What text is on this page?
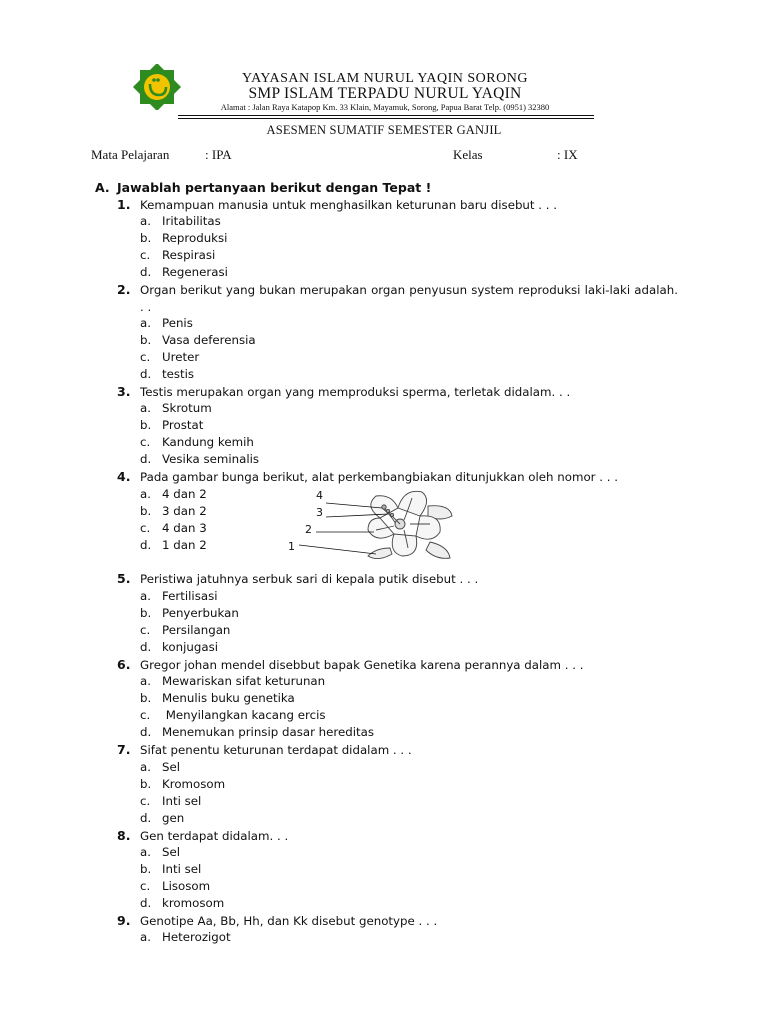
YAYASAN ISLAM NURUL YAQIN SORONG
SMP ISLAM TERPADU NURUL YAQIN
Alamat : Jalan Raya Katapop Km. 33 Klain, Mayamuk, Sorong, Papua Barat Telp. (0951) 32380
ASESMEN SUMATIF SEMESTER GANJIL
Mata Pelajaran	: IPA	Kelas	: IX
A. Jawablah pertanyaan berikut dengan Tepat !
1. Kemampuan manusia untuk menghasilkan keturunan baru disebut . . .
a. Iritabilitas
b. Reproduksi
c. Respirasi
d. Regenerasi
2. Organ berikut yang bukan merupakan organ penyusun system reproduksi laki-laki adalah. . .
a. Penis
b. Vasa deferensia
c. Ureter
d. testis
3. Testis merupakan organ yang memproduksi sperma, terletak didalam. . .
a. Skrotum
b. Prostat
c. Kandung kemih
d. Vesika seminalis
4. Pada gambar bunga berikut, alat perkembangbiakan ditunjukkan oleh nomor . . .
a. 4 dan 2
b. 3 dan 2
c. 4 dan 3
d. 1 dan 2
4
3
2
1
5. Peristiwa jatuhnya serbuk sari di kepala putik disebut . . .
a. Fertilisasi
b. Penyerbukan
c. Persilangan
d. konjugasi
6. Gregor johan mendel disebbut bapak Genetika karena perannya dalam . . .
a. Mewariskan sifat keturunan
b. Menulis buku genetika
c. Menyilangkan kacang ercis
d. Menemukan prinsip dasar hereditas
7. Sifat penentu keturunan terdapat didalam . . .
a. Sel
b. Kromosom
c. Inti sel
d. gen
8. Gen terdapat didalam. . .
a. Sel
b. Inti sel
c. Lisosom
d. kromosom
9. Genotipe Aa, Bb, Hh, dan Kk disebut genotype . . .
a. Heterozigot
